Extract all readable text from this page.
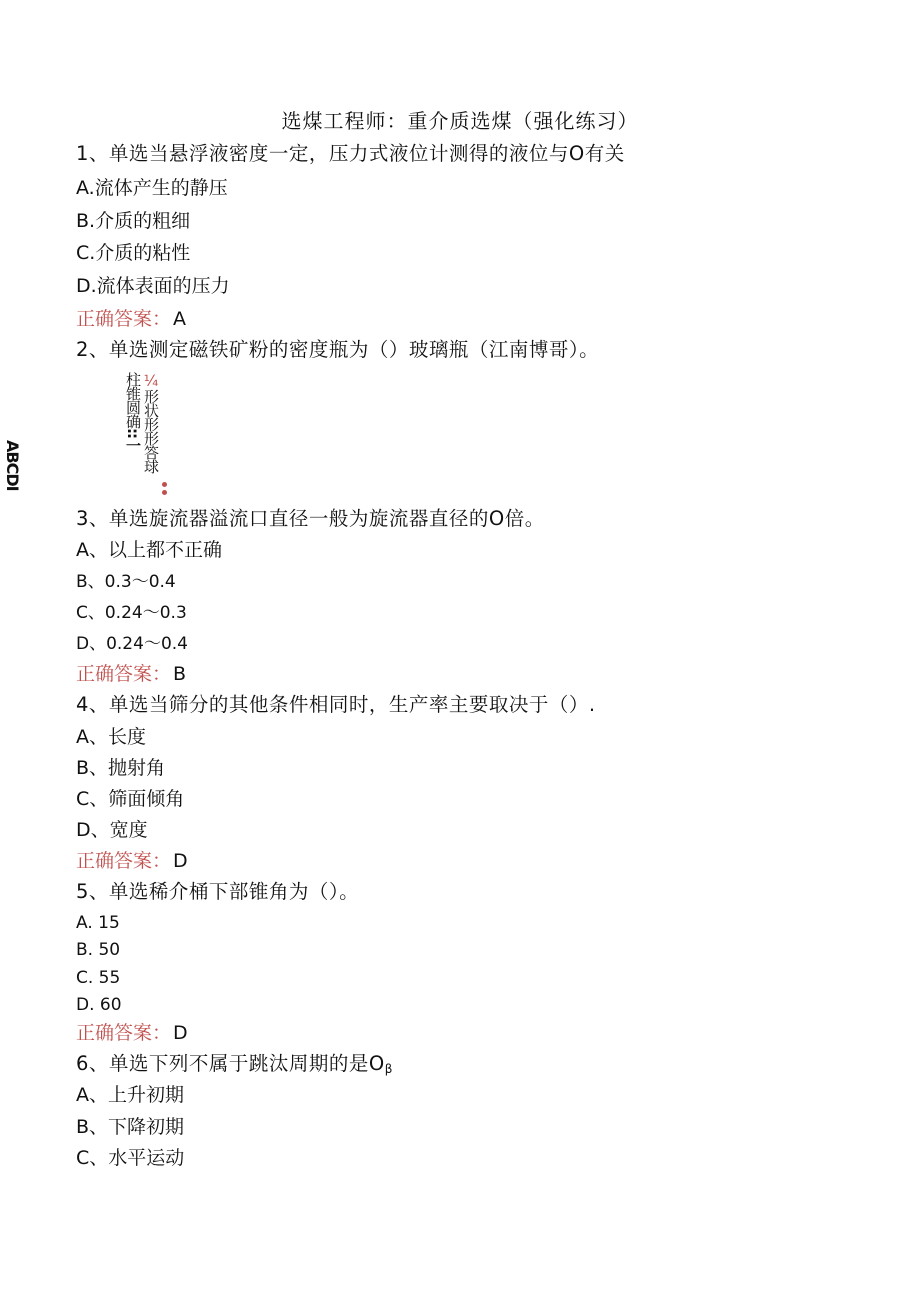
选煤工程师：重介质选煤（强化练习）
1、单选当悬浮液密度一定，压力式液位计测得的液位与O有关
A.流体产生的静压
B.介质的粗细
C.介质的粘性
D.流体表面的压力
正确答案： A
2、单选测定磁铁矿粉的密度瓶为（）玻璃瓶（江南博哥）。
柱锥圆确::一
¼形状形形答球
ABCDI
3、单选旋流器溢流口直径一般为旋流器直径的O倍。
A、以上都不正确
B、0.3～0.4
C、0.24～0.3
D、0.24～0.4
正确答案： B
4、单选当筛分的其他条件相同时，生产率主要取决于（）.
A、长度
B、抛射角
C、筛面倾角
D、宽度
正确答案： D
5、单选稀介桶下部锥角为（）。
A. 15
B. 50
C. 55
D. 60
正确答案： D
6、单选下列不属于跳汰周期的是$O_\beta$
A、上升初期
B、下降初期
C、水平运动
